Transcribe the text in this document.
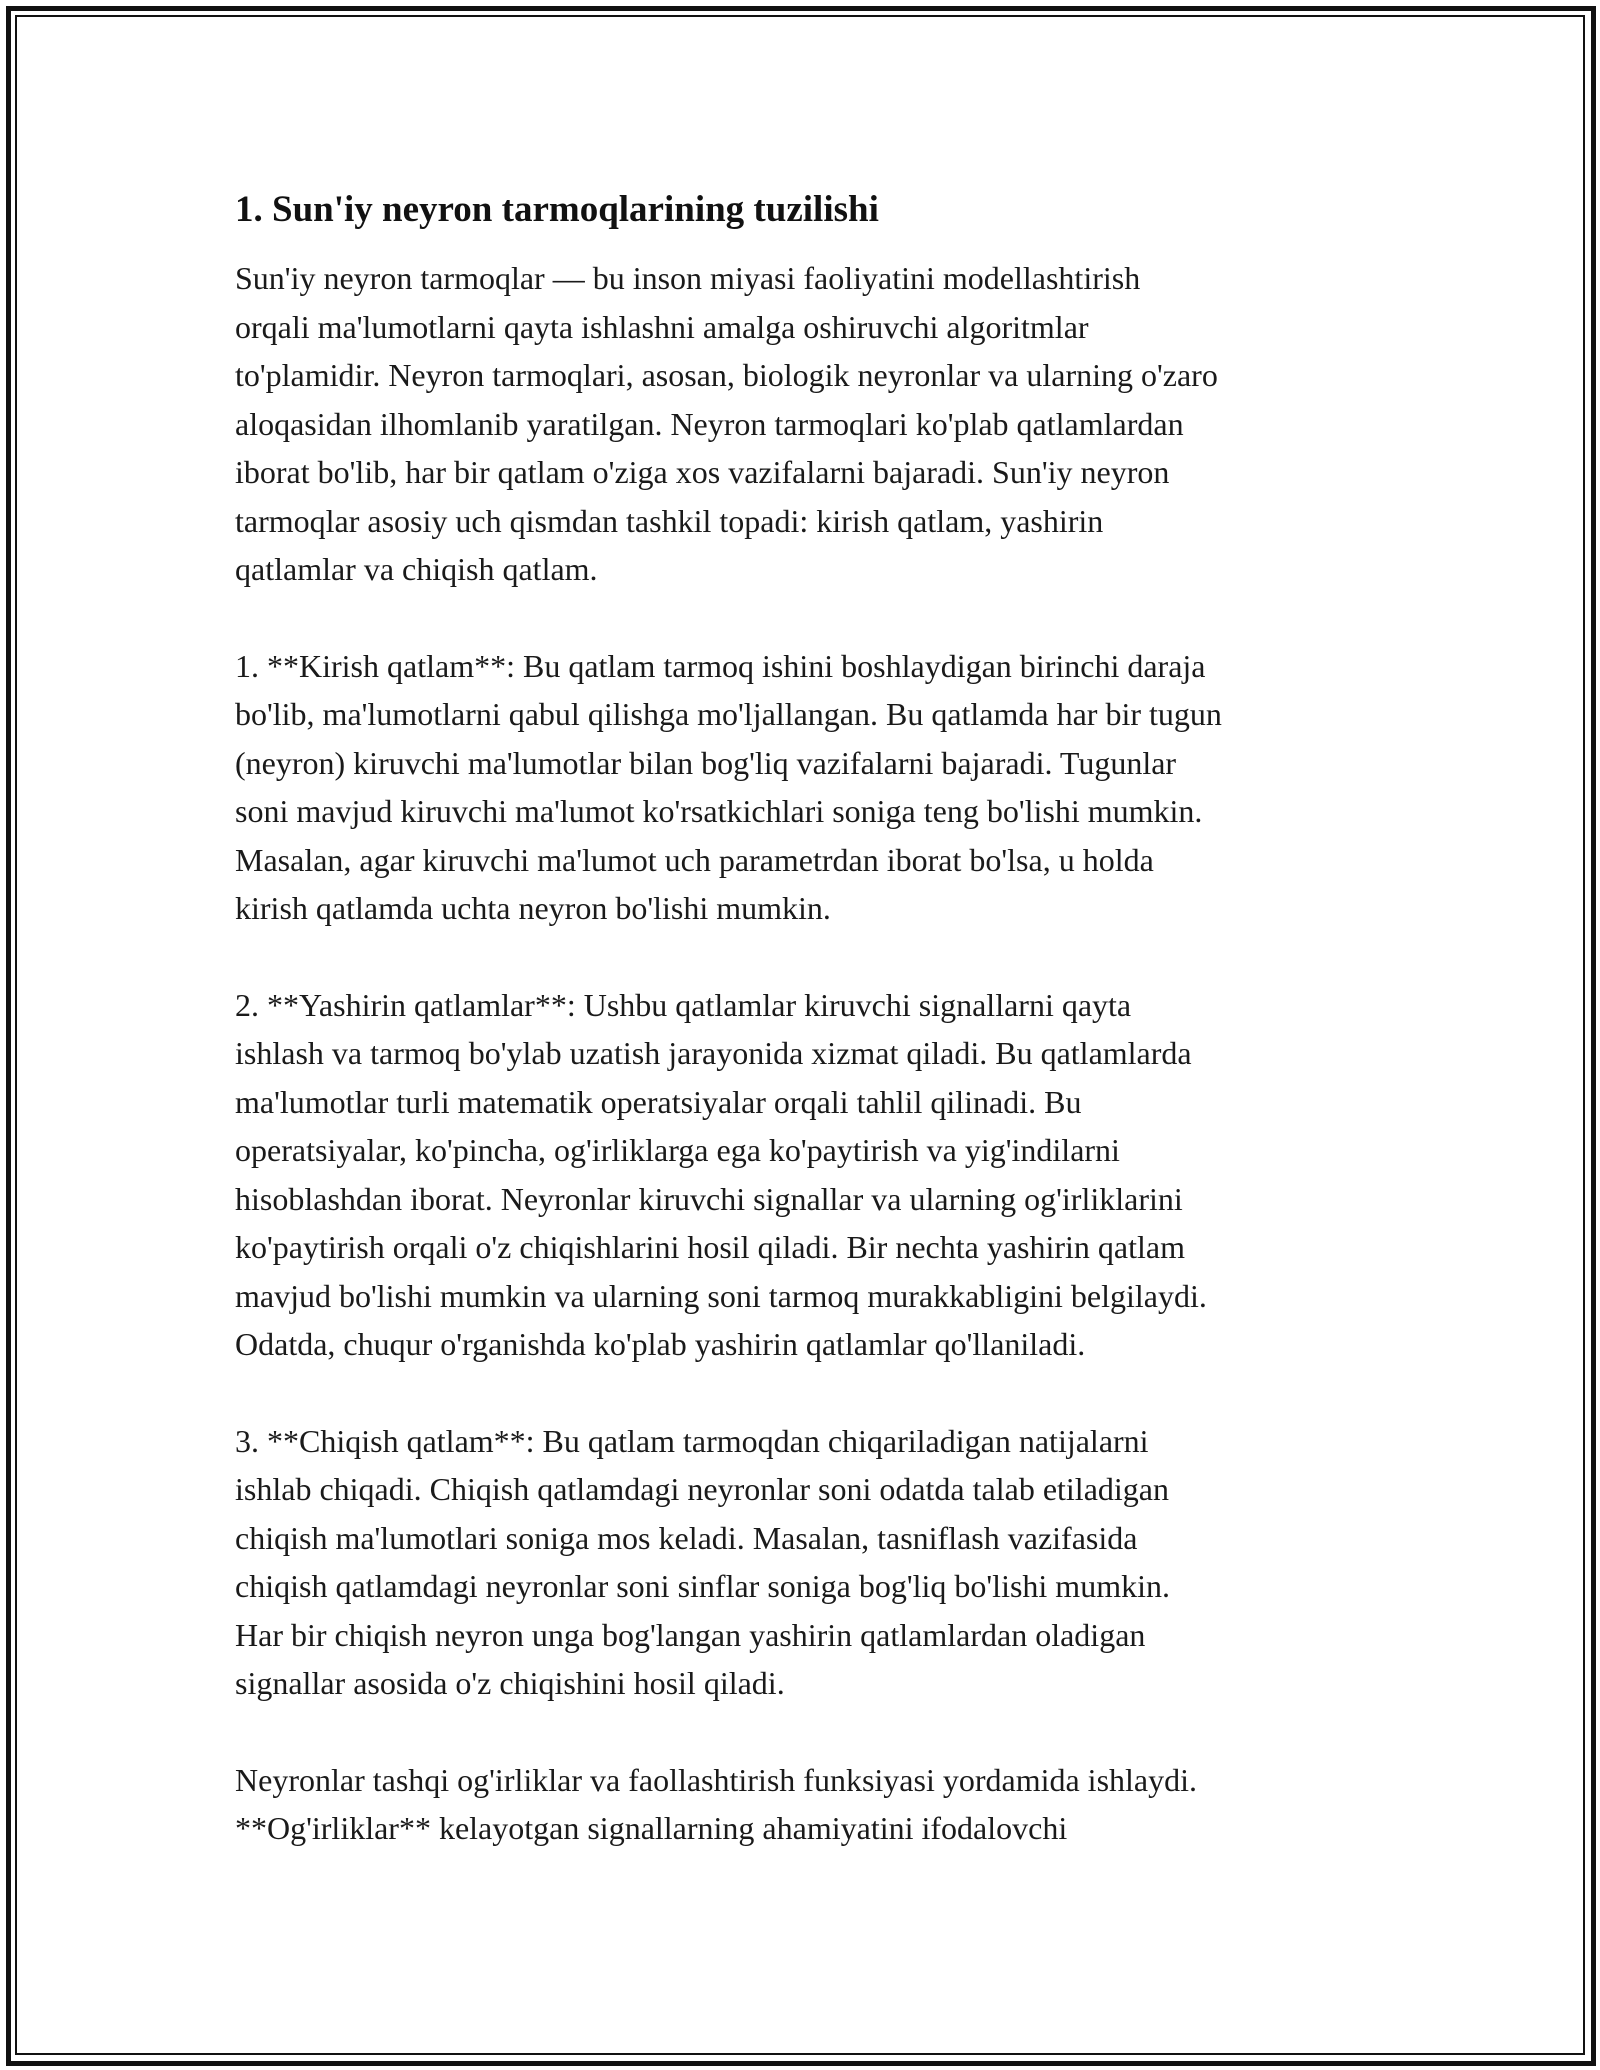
1. Sun'iy neyron tarmoqlarining tuzilishi

Sun'iy neyron tarmoqlar — bu inson miyasi faoliyatini modellashtirish
orqali ma'lumotlarni qayta ishlashni amalga oshiruvchi algoritmlar
to'plamidir. Neyron tarmoqlari, asosan, biologik neyronlar va ularning o'zaro
aloqasidan ilhomlanib yaratilgan. Neyron tarmoqlari ko'plab qatlamlardan
iborat bo'lib, har bir qatlam o'ziga xos vazifalarni bajaradi. Sun'iy neyron
tarmoqlar asosiy uch qismdan tashkil topadi: kirish qatlam, yashirin
qatlamlar va chiqish qatlam.

1. **Kirish qatlam**: Bu qatlam tarmoq ishini boshlaydigan birinchi daraja
bo'lib, ma'lumotlarni qabul qilishga mo'ljallangan. Bu qatlamda har bir tugun
(neyron) kiruvchi ma'lumotlar bilan bog'liq vazifalarni bajaradi. Tugunlar
soni mavjud kiruvchi ma'lumot ko'rsatkichlari soniga teng bo'lishi mumkin.
Masalan, agar kiruvchi ma'lumot uch parametrdan iborat bo'lsa, u holda
kirish qatlamda uchta neyron bo'lishi mumkin.

2. **Yashirin qatlamlar**: Ushbu qatlamlar kiruvchi signallarni qayta
ishlash va tarmoq bo'ylab uzatish jarayonida xizmat qiladi. Bu qatlamlarda
ma'lumotlar turli matematik operatsiyalar orqali tahlil qilinadi. Bu
operatsiyalar, ko'pincha, og'irliklarga ega ko'paytirish va yig'indilarni
hisoblashdan iborat. Neyronlar kiruvchi signallar va ularning og'irliklarini
ko'paytirish orqali o'z chiqishlarini hosil qiladi. Bir nechta yashirin qatlam
mavjud bo'lishi mumkin va ularning soni tarmoq murakkabligini belgilaydi.
Odatda, chuqur o'rganishda ko'plab yashirin qatlamlar qo'llaniladi.

3. **Chiqish qatlam**: Bu qatlam tarmoqdan chiqariladigan natijalarni
ishlab chiqadi. Chiqish qatlamdagi neyronlar soni odatda talab etiladigan
chiqish ma'lumotlari soniga mos keladi. Masalan, tasniflash vazifasida
chiqish qatlamdagi neyronlar soni sinflar soniga bog'liq bo'lishi mumkin.
Har bir chiqish neyron unga bog'langan yashirin qatlamlardan oladigan
signallar asosida o'z chiqishini hosil qiladi.

Neyronlar tashqi og'irliklar va faollashtirish funksiyasi yordamida ishlaydi.
**Og'irliklar** kelayotgan signallarning ahamiyatini ifodalovchi
